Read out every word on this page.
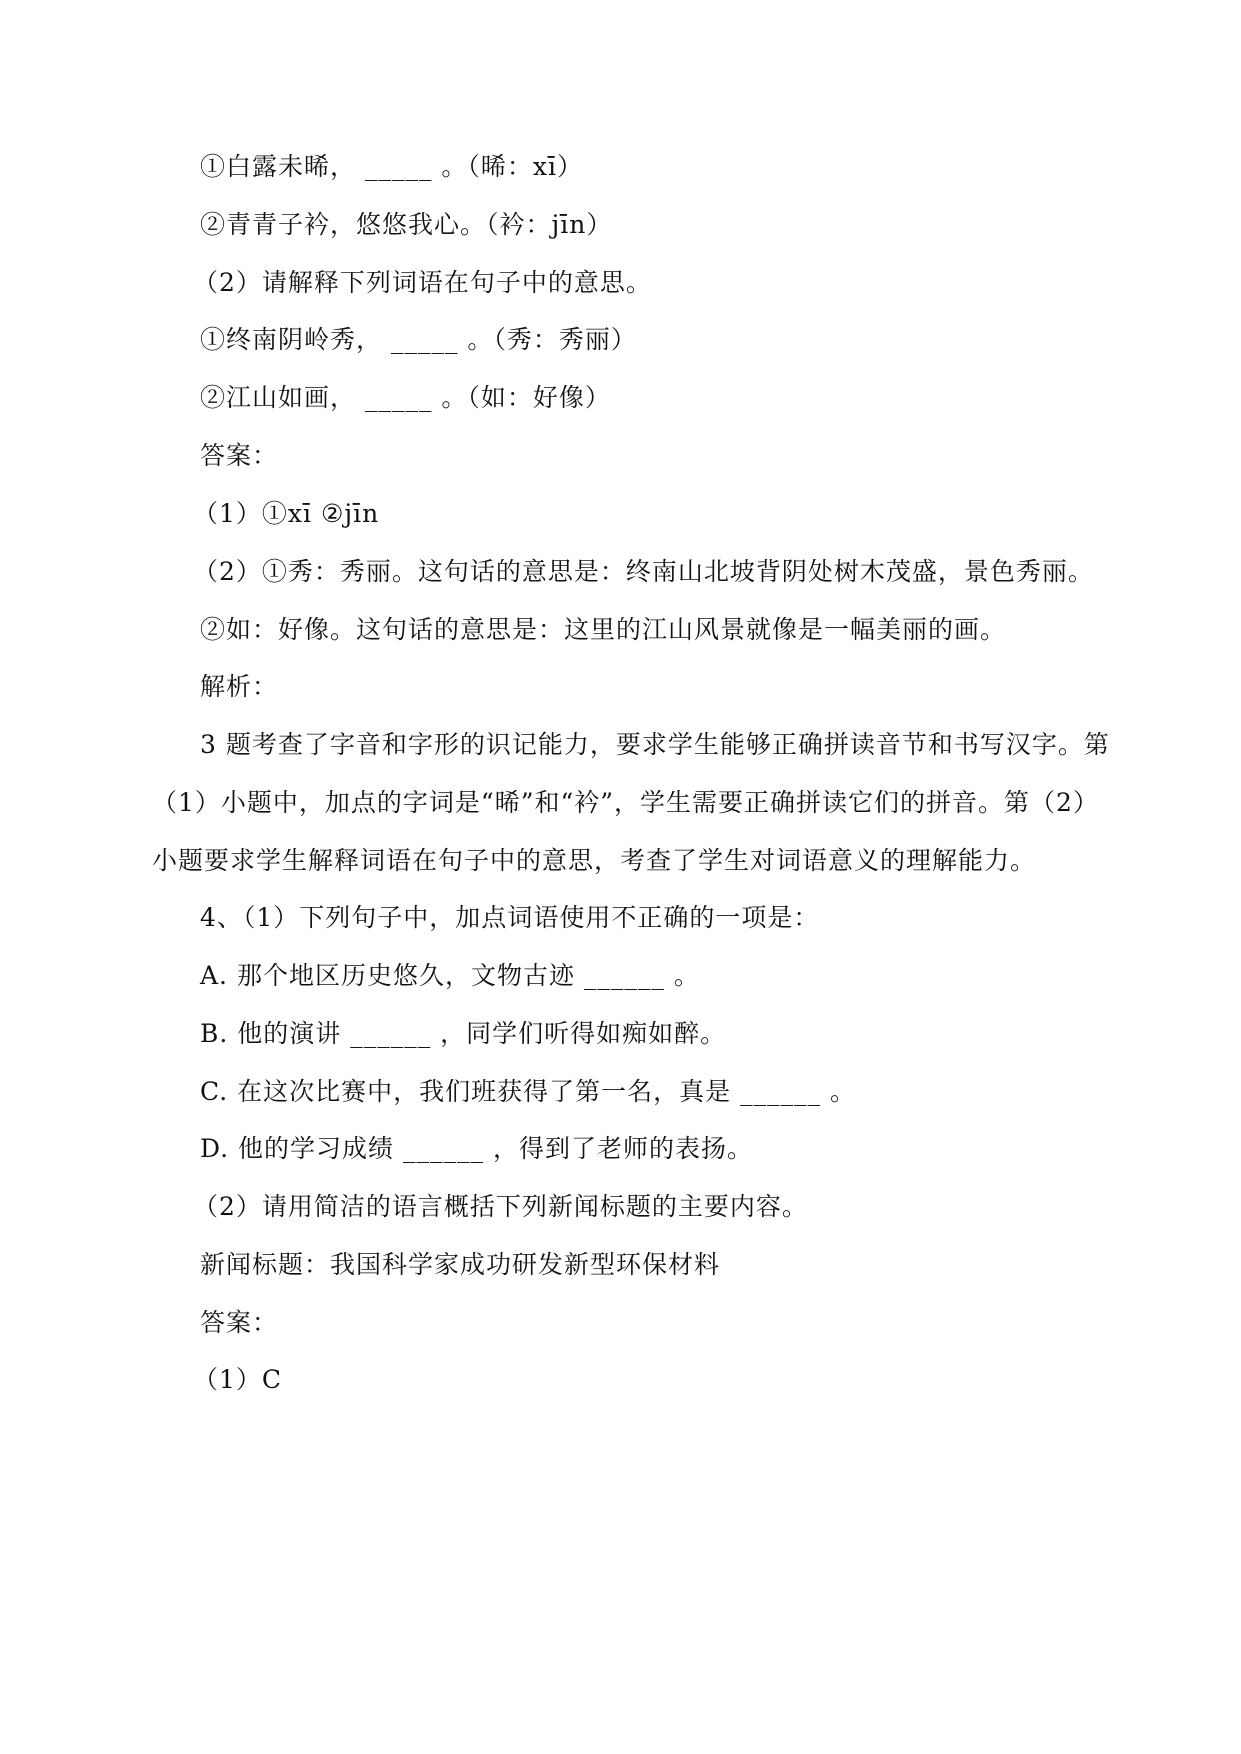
①白露未晞， _____ 。（晞：xī）
②青青子衿，悠悠我心。（衿：jīn）
（2）请解释下列词语在句子中的意思。
①终南阴岭秀， _____ 。（秀：秀丽）
②江山如画， _____ 。（如：好像）
答案：
（1）①xī ②jīn
（2）①秀：秀丽。这句话的意思是：终南山北坡背阴处树木茂盛，景色秀丽。
②如：好像。这句话的意思是：这里的江山风景就像是一幅美丽的画。
解析：
3 题考查了字音和字形的识记能力，要求学生能够正确拼读音节和书写汉字。第
（1）小题中，加点的字词是“晞”和“衿”，学生需要正确拼读它们的拼音。第（2）
小题要求学生解释词语在句子中的意思，考查了学生对词语意义的理解能力。
4、（1）下列句子中，加点词语使用不正确的一项是：
A. 那个地区历史悠久，文物古迹 ______ 。
B. 他的演讲 ______ ，同学们听得如痴如醉。
C. 在这次比赛中，我们班获得了第一名，真是 ______ 。
D. 他的学习成绩 ______ ，得到了老师的表扬。
（2）请用简洁的语言概括下列新闻标题的主要内容。
新闻标题：我国科学家成功研发新型环保材料
答案：
（1）C
